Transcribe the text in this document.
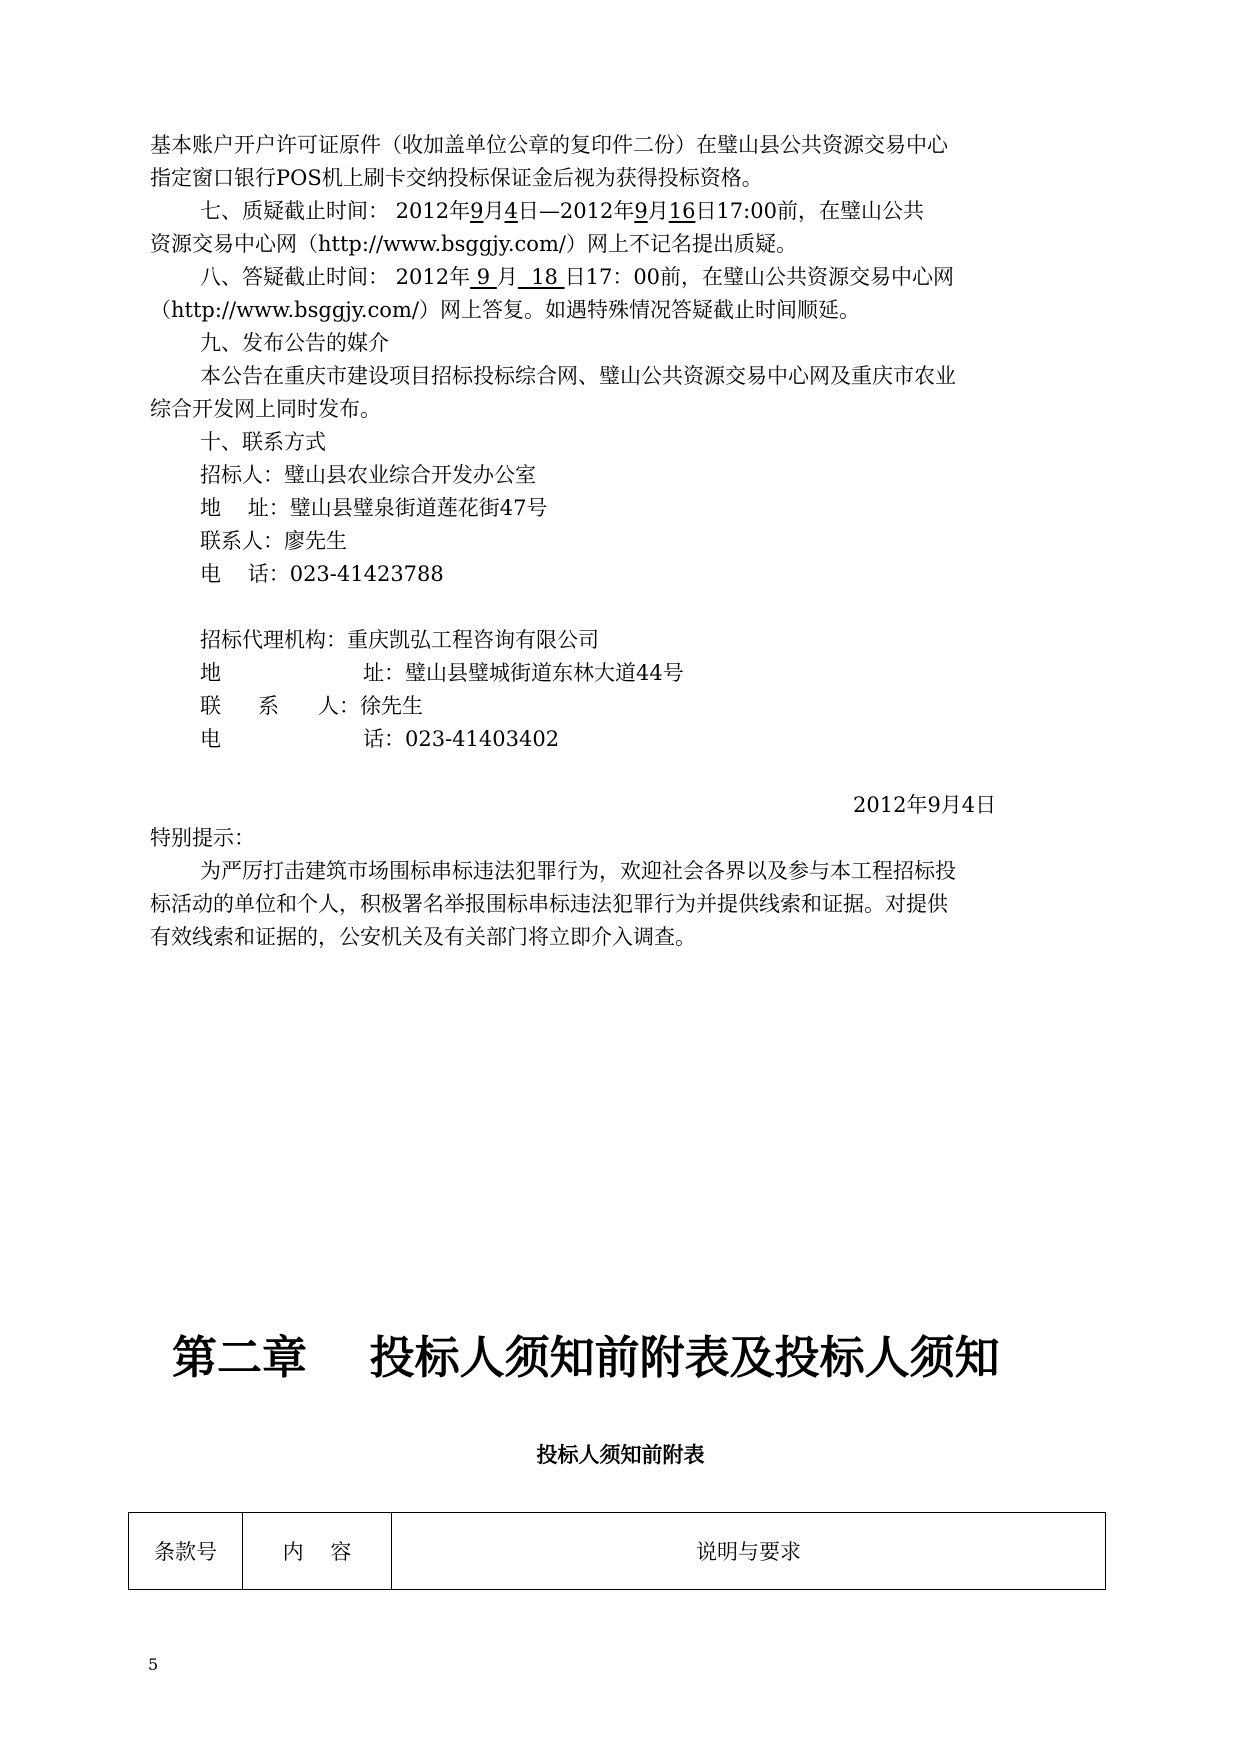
基本账户开户许可证原件（收加盖单位公章的复印件二份）在璧山县公共资源交易中心
指定窗口银行POS机上刷卡交纳投标保证金后视为获得投标资格。
七、质疑截止时间： 2012年9月4日—2012年9月16日17:00前，在璧山公共
资源交易中心网（http://www.bsggjy.com/）网上不记名提出质疑。
八、答疑截止时间： 2012年 9 月  18 日17：00前，在璧山公共资源交易中心网
（http://www.bsggjy.com/）网上答复。如遇特殊情况答疑截止时间顺延。
九、发布公告的媒介
本公告在重庆市建设项目招标投标综合网、璧山公共资源交易中心网及重庆市农业
综合开发网上同时发布。
十、联系方式
招标人：璧山县农业综合开发办公室
地    址：璧山县璧泉街道莲花街47号
联系人：廖先生
电    话：023-41423788
招标代理机构：重庆凯弘工程咨询有限公司
地	址：璧山县璧城街道东林大道44号
联 系 人：徐先生
电	话：023-41403402
2012年9月4日
特别提示：
为严厉打击建筑市场围标串标违法犯罪行为，欢迎社会各界以及参与本工程招标投
标活动的单位和个人，积极署名举报围标串标违法犯罪行为并提供线索和证据。对提供
有效线索和证据的，公安机关及有关部门将立即介入调查。
第二章    投标人须知前附表及投标人须知
投标人须知前附表
条款号	内    容	说明与要求
5
